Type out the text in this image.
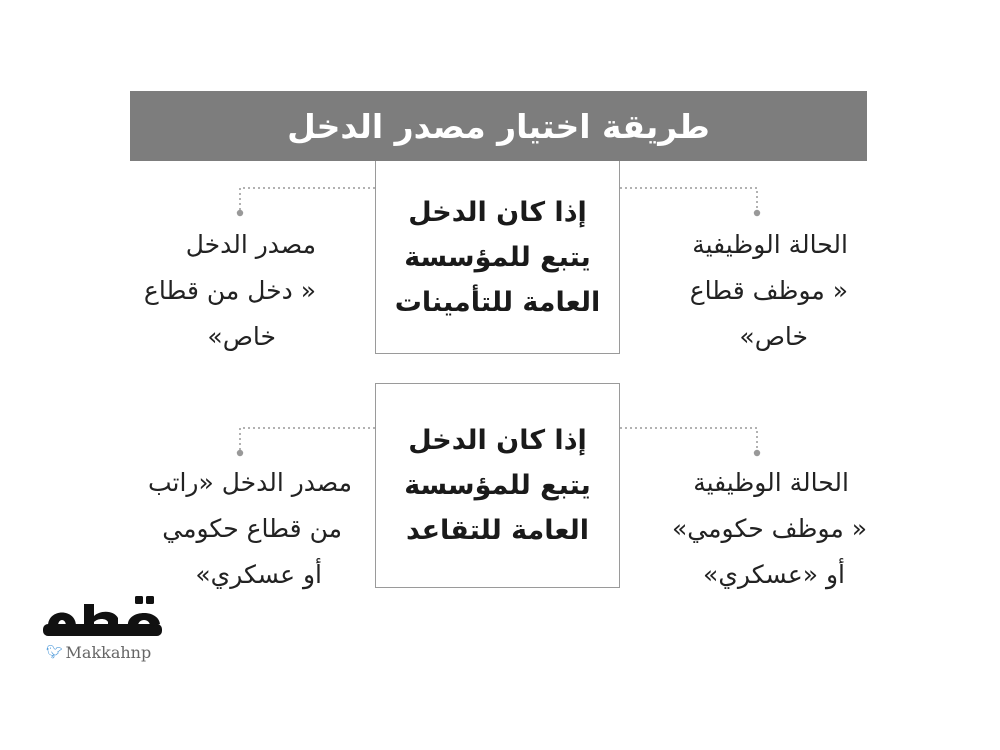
طريقة اختيار مصدر الدخل
إذا كان الدخل
يتبع للمؤسسة
العامة للتأمينات
الحالة الوظيفية
« موظف قطاع
خاص»
مصدر الدخل
« دخل من قطاع
خاص»
إذا كان الدخل
يتبع للمؤسسة
العامة للتقاعد
الحالة الوظيفية
« موظف حكومي»
أو «عسكري»
مصدر الدخل «راتب
من قطاع حكومي
أو عسكري»
🐦︎ Makkahnp
